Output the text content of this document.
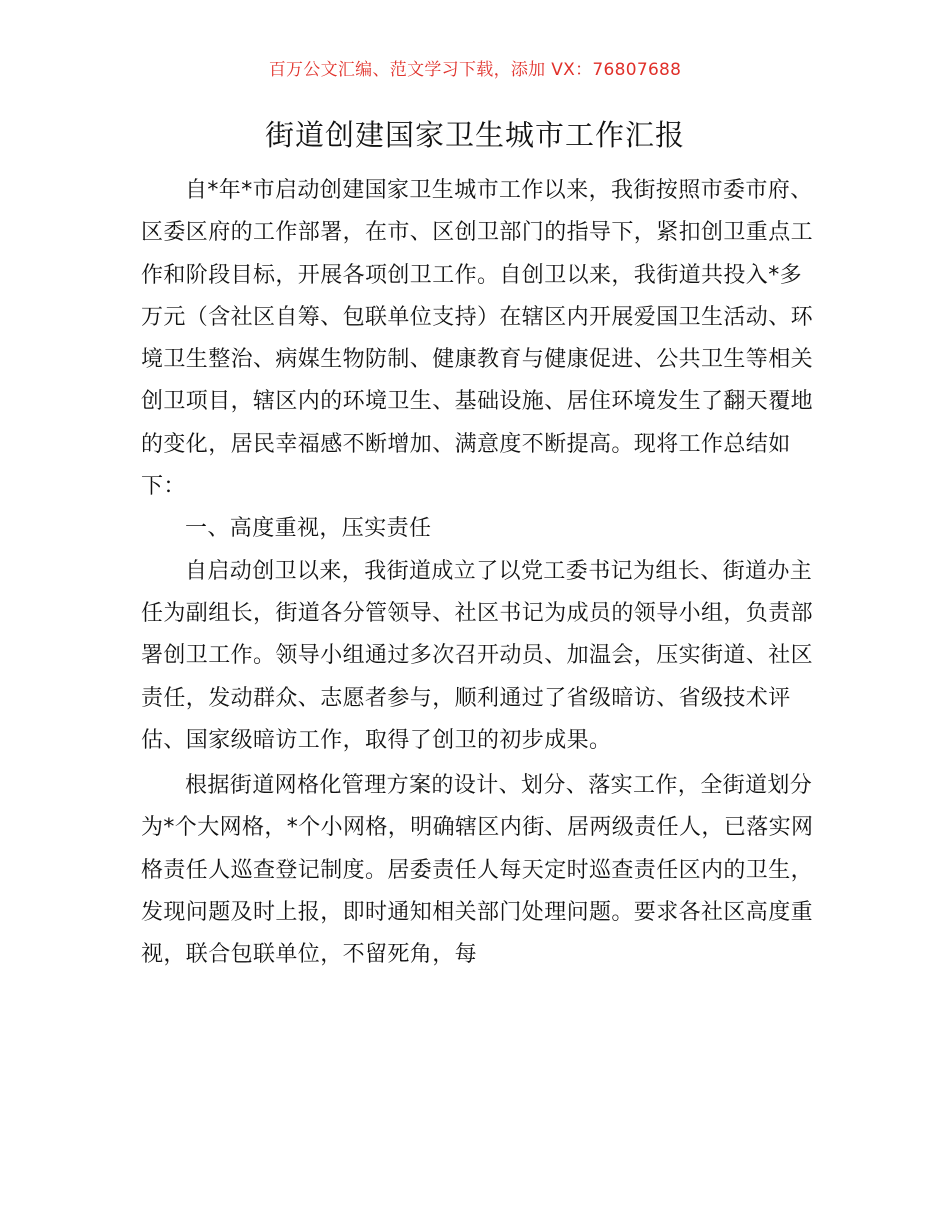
百万公文汇编、范文学习下载，添加 VX：76807688
街道创建国家卫生城市工作汇报

自*年*市启动创建国家卫生城市工作以来，我街按照市委市府、区委区府的工作部署，在市、区创卫部门的指导下，紧扣创卫重点工作和阶段目标，开展各项创卫工作。自创卫以来，我街道共投入*多万元（含社区自筹、包联单位支持）在辖区内开展爱国卫生活动、环境卫生整治、病媒生物防制、健康教育与健康促进、公共卫生等相关创卫项目，辖区内的环境卫生、基础设施、居住环境发生了翻天覆地的变化，居民幸福感不断增加、满意度不断提高。现将工作总结如下：

一、高度重视，压实责任

自启动创卫以来，我街道成立了以党工委书记为组长、街道办主任为副组长，街道各分管领导、社区书记为成员的领导小组，负责部署创卫工作。领导小组通过多次召开动员、加温会，压实街道、社区责任，发动群众、志愿者参与，顺利通过了省级暗访、省级技术评估、国家级暗访工作，取得了创卫的初步成果。

根据街道网格化管理方案的设计、划分、落实工作，全街道划分为*个大网格，*个小网格，明确辖区内街、居两级责任人，已落实网格责任人巡查登记制度。居委责任人每天定时巡查责任区内的卫生，发现问题及时上报，即时通知相关部门处理问题。要求各社区高度重视，联合包联单位，不留死角，每
